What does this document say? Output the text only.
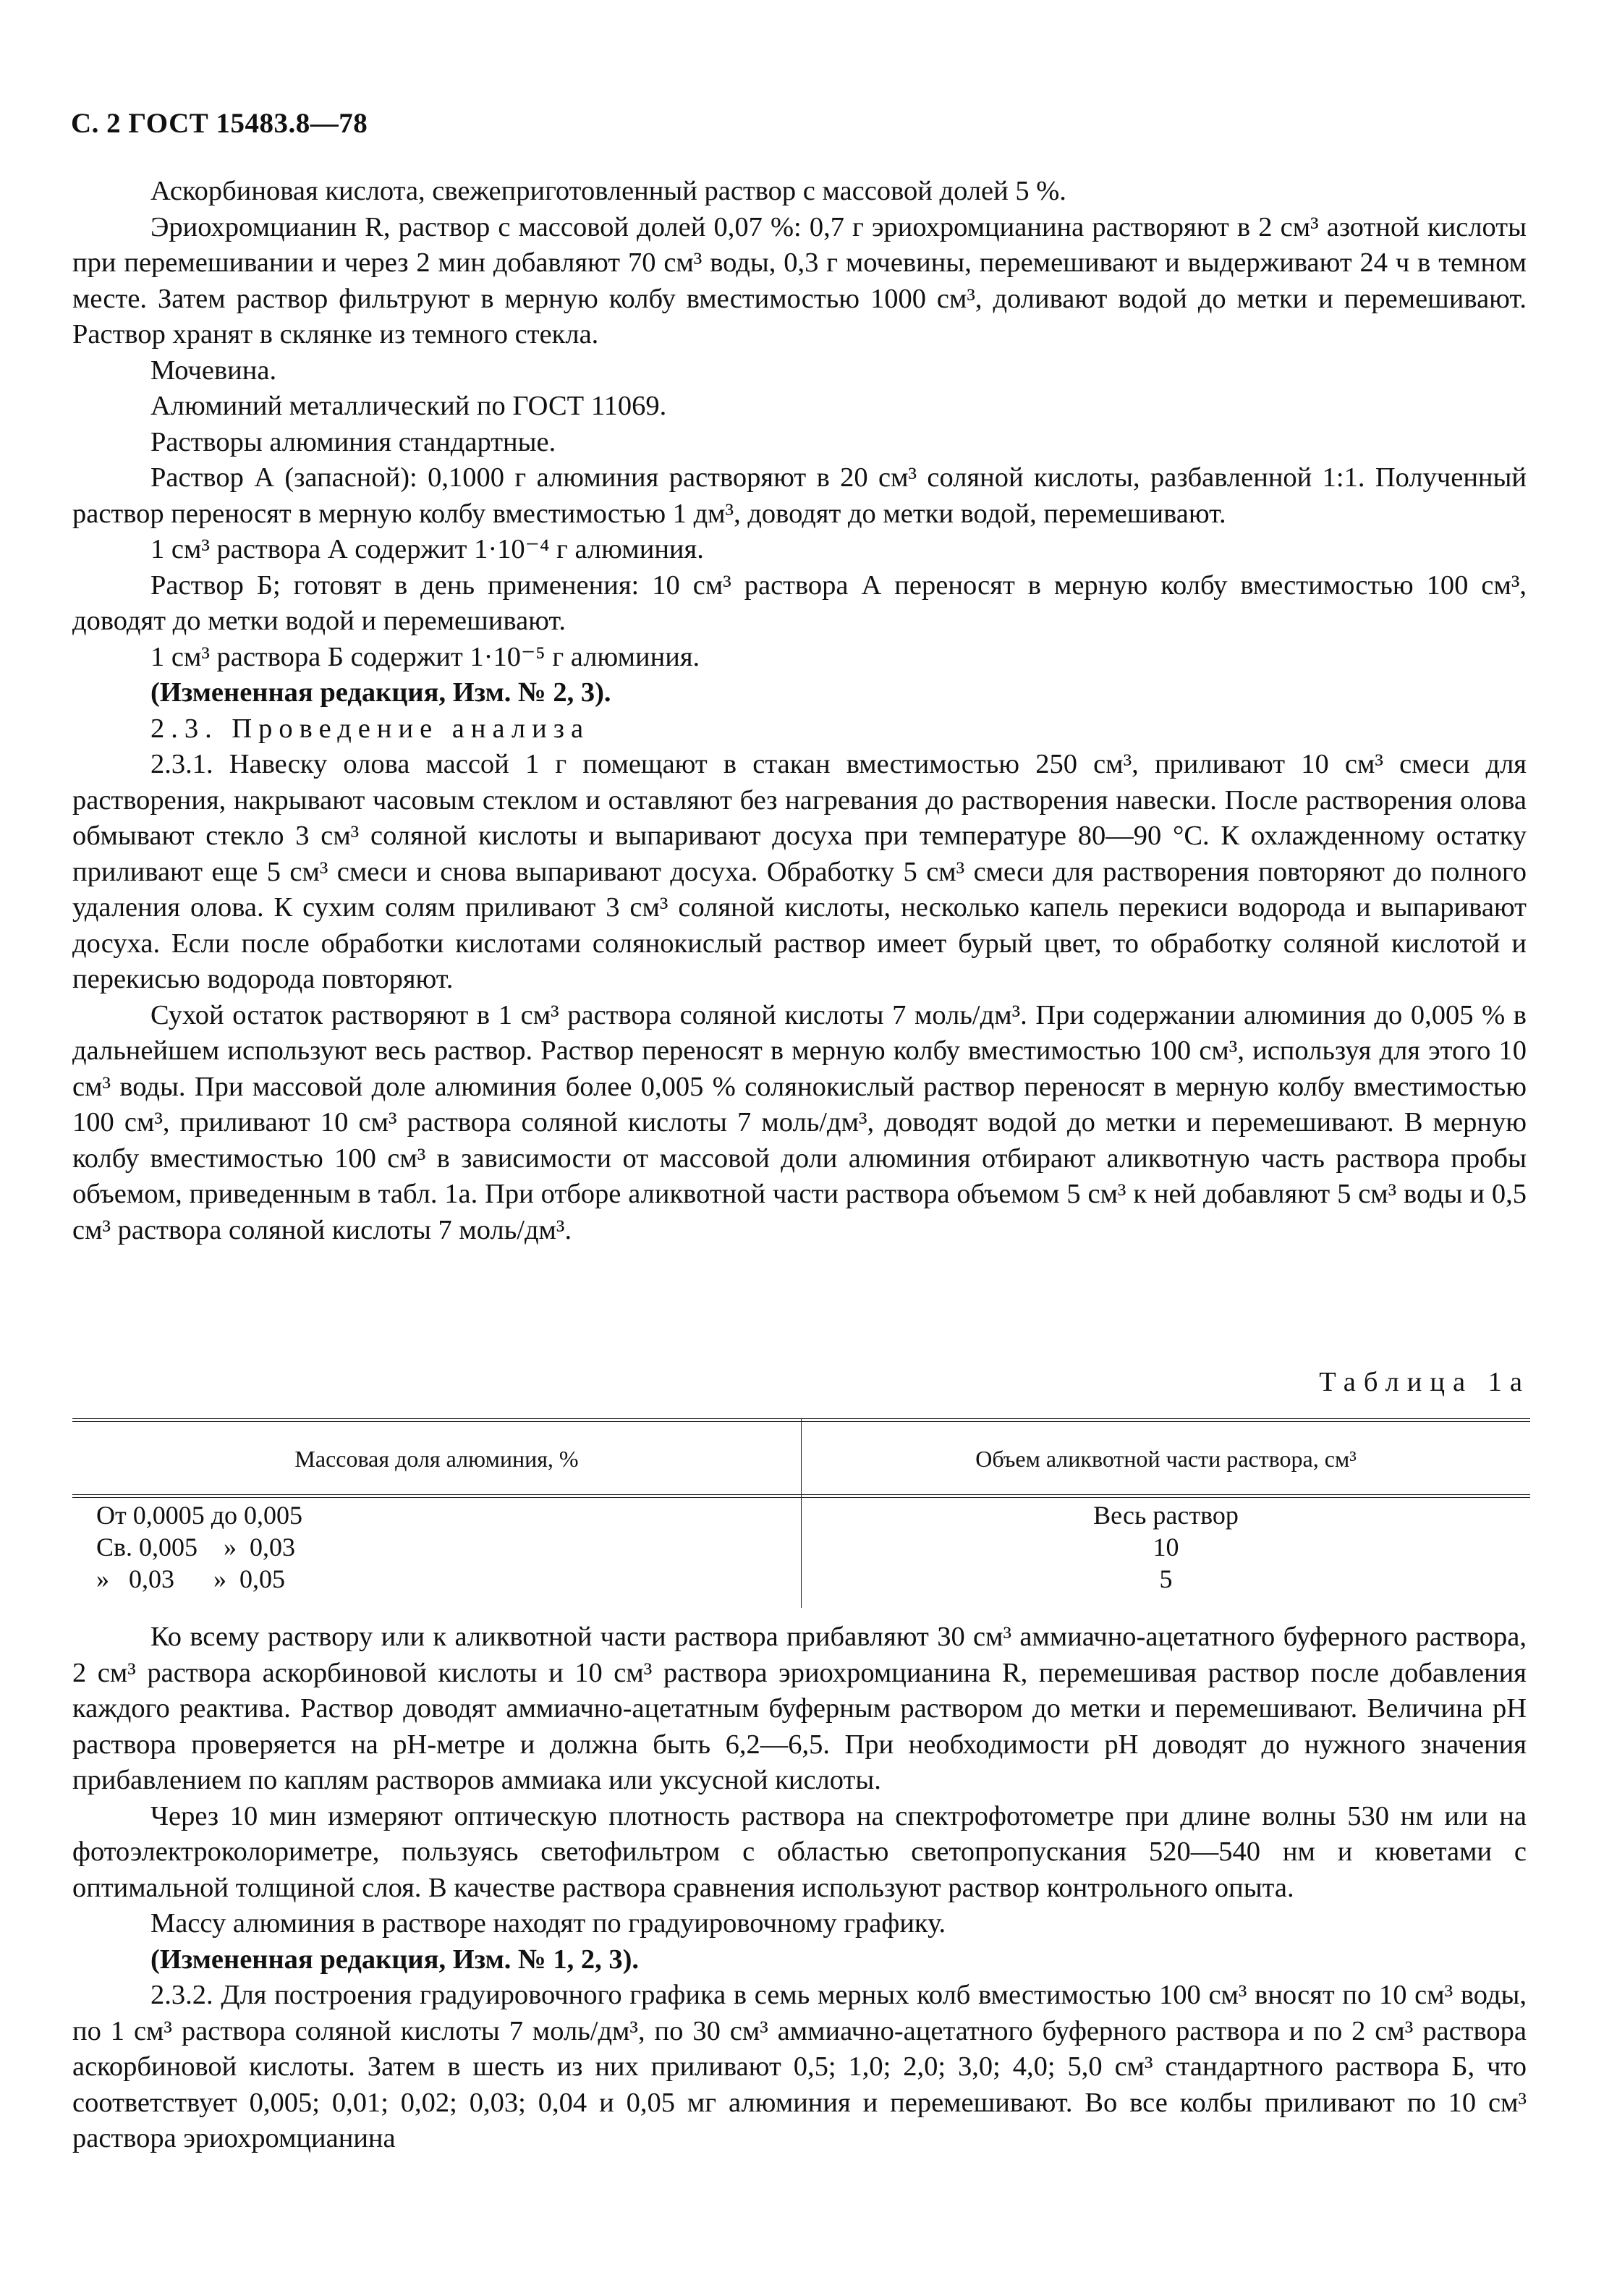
С. 2 ГОСТ 15483.8—78

Аскорбиновая кислота, свежеприготовленный раствор с массовой долей 5 %.

Эриохромцианин R, раствор с массовой долей 0,07 %: 0,7 г эриохромцианина растворяют в 2 см³ азотной кислоты при перемешивании и через 2 мин добавляют 70 см³ воды, 0,3 г мочевины, перемешивают и выдерживают 24 ч в темном месте. Затем раствор фильтруют в мерную колбу вместимостью 1000 см³, доливают водой до метки и перемешивают. Раствор хранят в склянке из темного стекла.

Мочевина.

Алюминий металлический по ГОСТ 11069.

Растворы алюминия стандартные.

Раствор А (запасной): 0,1000 г алюминия растворяют в 20 см³ соляной кислоты, разбавленной 1:1. Полученный раствор переносят в мерную колбу вместимостью 1 дм³, доводят до метки водой, перемешивают.

1 см³ раствора А содержит 1·10⁻⁴ г алюминия.

Раствор Б; готовят в день применения: 10 см³ раствора А переносят в мерную колбу вместимостью 100 см³, доводят до метки водой и перемешивают.

1 см³ раствора Б содержит 1·10⁻⁵ г алюминия.

(Измененная редакция, Изм. № 2, 3).

2.3. Проведение анализа

2.3.1. Навеску олова массой 1 г помещают в стакан вместимостью 250 см³, приливают 10 см³ смеси для растворения, накрывают часовым стеклом и оставляют без нагревания до растворения навески. После растворения олова обмывают стекло 3 см³ соляной кислоты и выпаривают досуха при температуре 80—90 °С. К охлажденному остатку приливают еще 5 см³ смеси и снова выпаривают досуха. Обработку 5 см³ смеси для растворения повторяют до полного удаления олова. К сухим солям приливают 3 см³ соляной кислоты, несколько капель перекиси водорода и выпаривают досуха. Если после обработки кислотами солянокислый раствор имеет бурый цвет, то обработку соляной кислотой и перекисью водорода повторяют.

Сухой остаток растворяют в 1 см³ раствора соляной кислоты 7 моль/дм³. При содержании алюминия до 0,005 % в дальнейшем используют весь раствор. Раствор переносят в мерную колбу вместимостью 100 см³, используя для этого 10 см³ воды. При массовой доле алюминия более 0,005 % солянокислый раствор переносят в мерную колбу вместимостью 100 см³, приливают 10 см³ раствора соляной кислоты 7 моль/дм³, доводят водой до метки и перемешивают. В мерную колбу вместимостью 100 см³ в зависимости от массовой доли алюминия отбирают аликвотную часть раствора пробы объемом, приведенным в табл. 1а. При отборе аликвотной части раствора объемом 5 см³ к ней добавляют 5 см³ воды и 0,5 см³ раствора соляной кислоты 7 моль/дм³.

Таблица 1а
Массовая доля алюминия, %	Объем аликвотной части раствора, см³
От 0,0005 до 0,005	Весь раствор
Св. 0,005    »  0,03	10
»   0,03      »  0,05	5

Ко всему раствору или к аликвотной части раствора прибавляют 30 см³ аммиачно-ацетатного буферного раствора, 2 см³ раствора аскорбиновой кислоты и 10 см³ раствора эриохромцианина R, перемешивая раствор после добавления каждого реактива. Раствор доводят аммиачно-ацетатным буферным раствором до метки и перемешивают. Величина pH раствора проверяется на pH-метре и должна быть 6,2—6,5. При необходимости pH доводят до нужного значения прибавлением по каплям растворов аммиака или уксусной кислоты.

Через 10 мин измеряют оптическую плотность раствора на спектрофотометре при длине волны 530 нм или на фотоэлектроколориметре, пользуясь светофильтром с областью светопропускания 520—540 нм и кюветами с оптимальной толщиной слоя. В качестве раствора сравнения используют раствор контрольного опыта.

Массу алюминия в растворе находят по градуировочному графику.

(Измененная редакция, Изм. № 1, 2, 3).

2.3.2. Для построения градуировочного графика в семь мерных колб вместимостью 100 см³ вносят по 10 см³ воды, по 1 см³ раствора соляной кислоты 7 моль/дм³, по 30 см³ аммиачно-ацетатного буферного раствора и по 2 см³ раствора аскорбиновой кислоты. Затем в шесть из них приливают 0,5; 1,0; 2,0; 3,0; 4,0; 5,0 см³ стандартного раствора Б, что соответствует 0,005; 0,01; 0,02; 0,03; 0,04 и 0,05 мг алюминия и перемешивают. Во все колбы приливают по 10 см³ раствора эриохромцианина
